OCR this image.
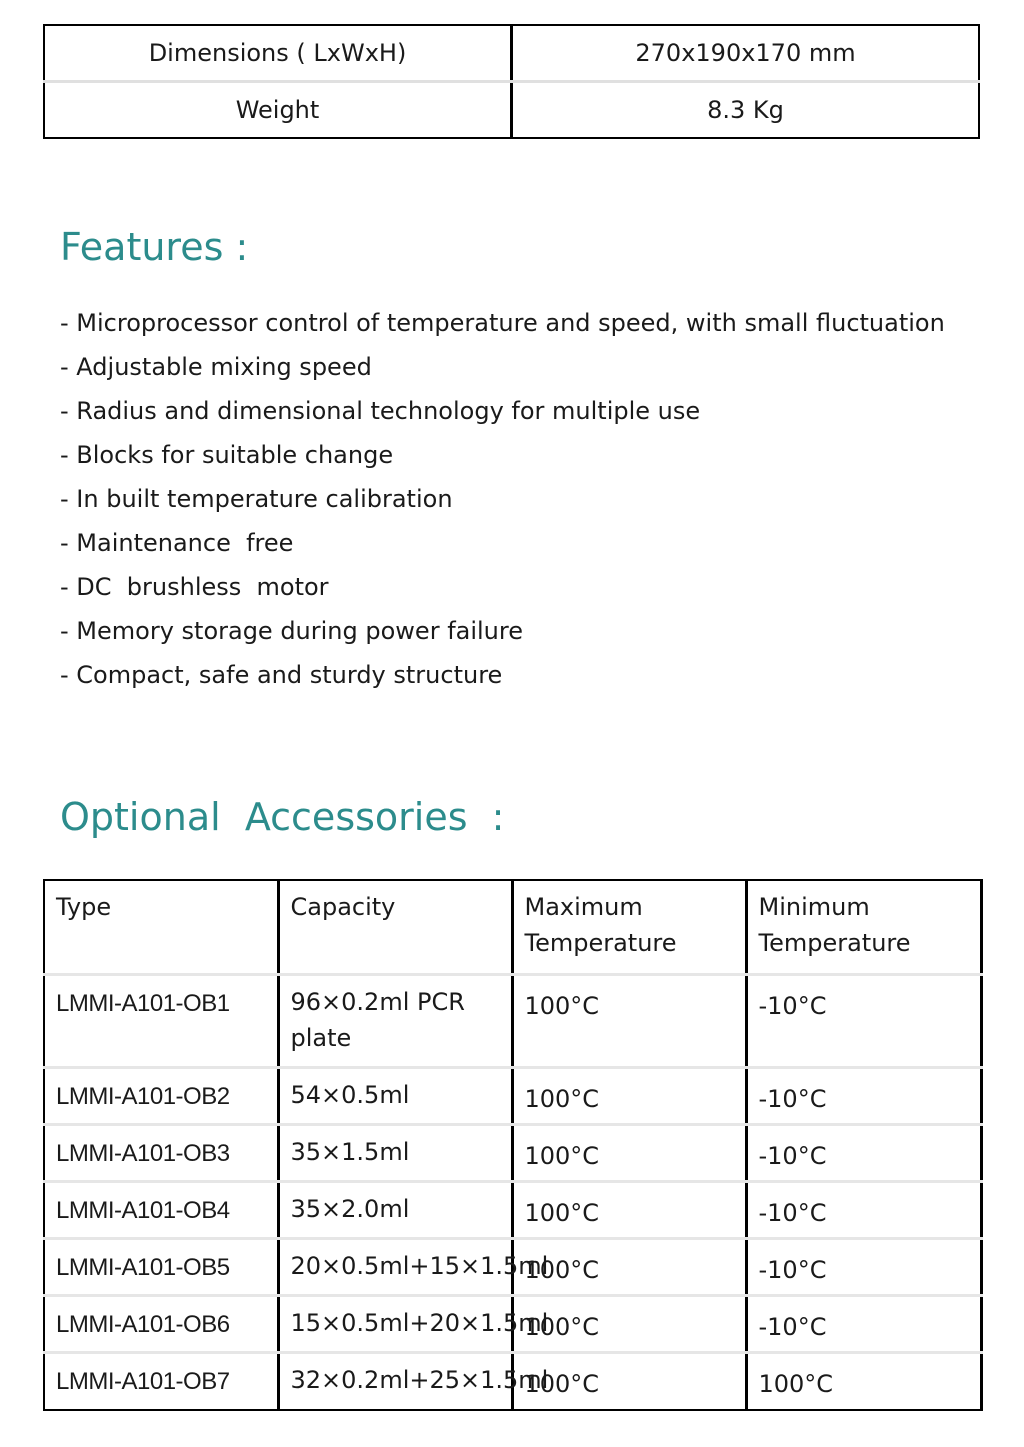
Dimensions ( LxWxH)	270x190x170 mm
Weight	8.3 Kg
Features :
- Microprocessor control of temperature and speed, with small fluctuation
- Adjustable mixing speed
- Radius and dimensional technology for multiple use
- Blocks for suitable change
- In built temperature calibration
- Maintenance  free
- DC  brushless  motor
- Memory storage during power failure
- Compact, safe and sturdy structure
Optional  Accessories  :
Type	Capacity	Maximum Temperature	Minimum Temperature
LMMI-A101-OB1	96×0.2ml PCR plate	100°C	-10°C
LMMI-A101-OB2	54×0.5ml	100°C	-10°C
LMMI-A101-OB3	35×1.5ml	100°C	-10°C
LMMI-A101-OB4	35×2.0ml	100°C	-10°C
LMMI-A101-OB5	20×0.5ml+15×1.5ml	100°C	-10°C
LMMI-A101-OB6	15×0.5ml+20×1.5ml	100°C	-10°C
LMMI-A101-OB7	32×0.2ml+25×1.5ml	100°C	100°C
